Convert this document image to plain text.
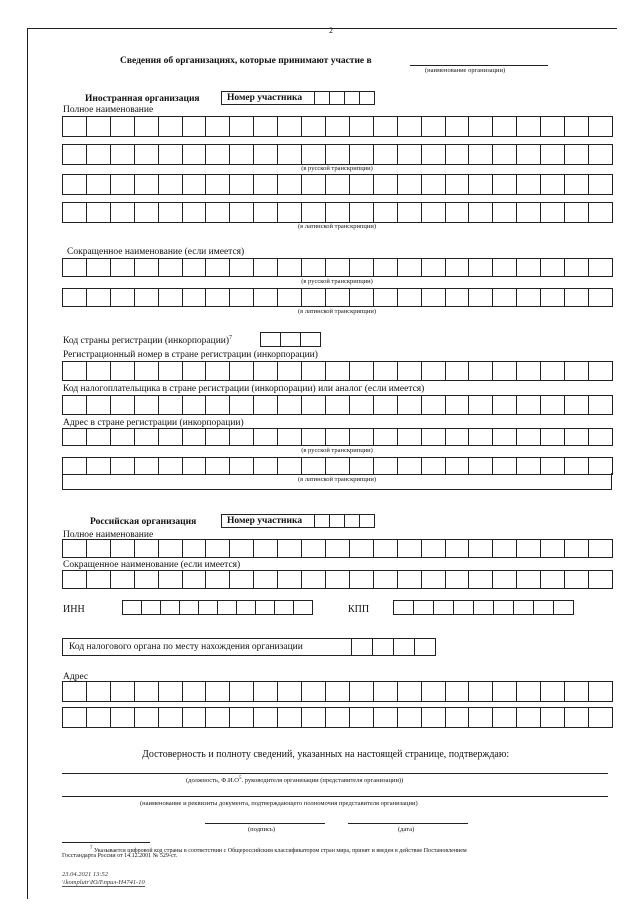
2
Сведения об организациях, которые принимают участие в
(наименование организации)
Иностранная организация	Номер участника
Полное наименование
(в русской транскрипции)
(в латинской транскрипции)
Сокращенное наименование (если имеется)
(в русской транскрипции)
(в латинской транскрипции)
Код страны регистрации (инкорпорации)$^7$
Регистрационный номер в стране регистрации (инкорпорации)
Код налогоплательщика в стране регистрации (инкорпорации) или аналог (если имеется)
Адрес в стране регистрации (инкорпорации)
(в русской транскрипции)
(в латинской транскрипции)
Российская организация	Номер участника
Полное наименование
Сокращенное наименование (если имеется)
ИНН	КПП
Код налогового органа по месту нахождения организации
Адрес
Достоверность и полноту сведений, указанных на настоящей странице, подтверждаю:
(должность, $Ф.И.О^5$. руководителя организации (представителя организации))
(наименование и реквизиты документа, подтверждающего полномочия представителя организации)
(подпись)	(дата)
$^7$ Указывается цифровой код страны в соответствии с Общероссийским классификатором стран мира, принят и введен в действие Постановлением
Госстандарта России от 14.12.2001 № 529-ст.
23.04.2021 13:52
\\komplutr\ЮЛ\прил-Н4741-10
